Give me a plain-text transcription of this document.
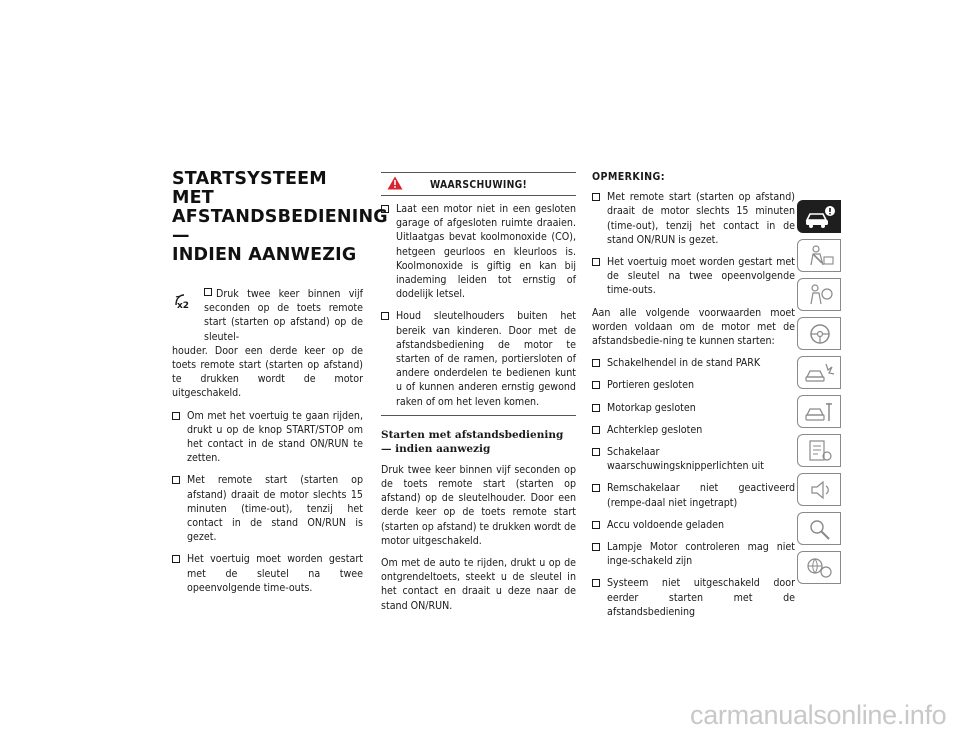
STARTSYSTEEM MET
AFSTANDSBEDIENING —
INDIEN AANWEZIG
x2

Druk twee keer binnen vijf seconden op de toets remote start (starten op afstand) op de sleutel-

houder. Door een derde keer op de toets remote start (starten op afstand) te drukken wordt de motor uitgeschakeld.

Om met het voertuig te gaan rijden, drukt u op de knop START/STOP om het contact in de stand ON/RUN te zetten.
Met remote start (starten op afstand) draait de motor slechts 15 minuten (time-out), tenzij het contact in de stand ON/RUN is gezet.
Het voertuig moet worden gestart met de sleutel na twee opeenvolgende time-outs.
WAARSCHUWING!
Laat een motor niet in een gesloten garage of afgesloten ruimte draaien. Uitlaatgas bevat koolmonoxide (CO), hetgeen geurloos en kleurloos is. Koolmonoxide is giftig en kan bij inademing leiden tot ernstig of dodelijk letsel.
Houd sleutelhouders buiten het bereik van kinderen. Door met de afstandsbediening de motor te starten of de ramen, portiersloten of andere onderdelen te bedienen kunt u of kunnen anderen ernstig gewond raken of om het leven komen.

Starten met afstandsbediening — indien aanwezig

Druk twee keer binnen vijf seconden op de toets remote start (starten op afstand) op de sleutelhouder. Door een derde keer op de toets remote start (starten op afstand) te drukken wordt de motor uitgeschakeld.

Om met de auto te rijden, drukt u op de ontgrendeltoets, steekt u de sleutel in het contact en draait u deze naar de stand ON/RUN.

OPMERKING:

Met remote start (starten op afstand) draait de motor slechts 15 minuten (time-out), tenzij het contact in de stand ON/RUN is gezet.
Het voertuig moet worden gestart met de sleutel na twee opeenvolgende time-outs.

Aan alle volgende voorwaarden moet worden voldaan om de motor met de afstandsbedie-ning te kunnen starten:

Schakelhendel in de stand PARK
Portieren gesloten
Motorkap gesloten
Achterklep gesloten
Schakelaar waarschuwingsknipperlichten uit
Remschakelaar niet geactiveerd (rempe-daal niet ingetrapt)
Accu voldoende geladen
Lampje Motor controleren mag niet inge-schakeld zijn
Systeem niet uitgeschakeld door eerder starten met de afstandsbediening
carmanualsonline.info
